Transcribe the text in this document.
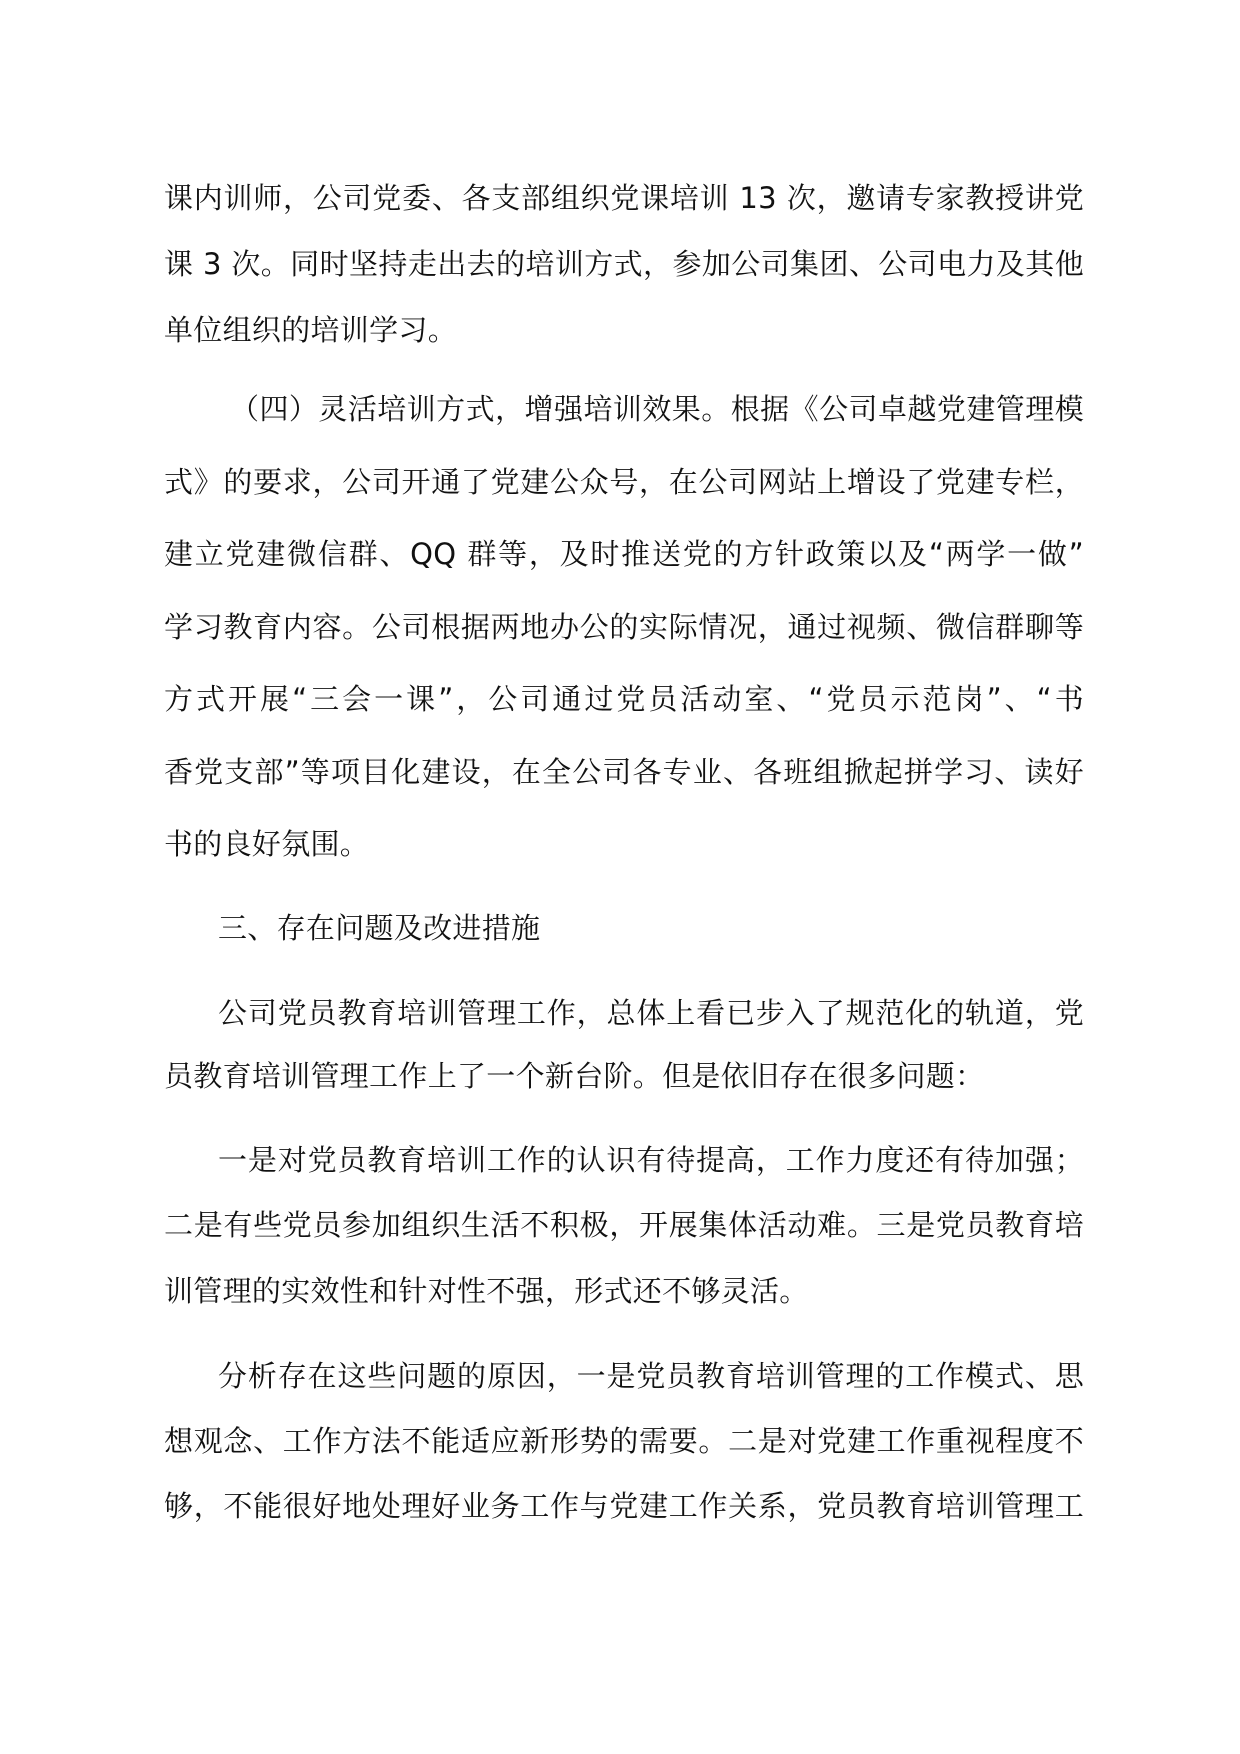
课内训师，公司党委、各支部组织党课培训 13 次，邀请专家教授讲党
课 3 次。同时坚持走出去的培训方式，参加公司集团、公司电力及其他
单位组织的培训学习。
（四）灵活培训方式，增强培训效果。根据《公司卓越党建管理模
式》的要求，公司开通了党建公众号，在公司网站上增设了党建专栏，
建立党建微信群、QQ 群等，及时推送党的方针政策以及“两学一做”
学习教育内容。公司根据两地办公的实际情况，通过视频、微信群聊等
方式开展“三会一课”，公司通过党员活动室、“党员示范岗”、“书
香党支部”等项目化建设，在全公司各专业、各班组掀起拼学习、读好
书的良好氛围。
三、存在问题及改进措施
公司党员教育培训管理工作，总体上看已步入了规范化的轨道，党
员教育培训管理工作上了一个新台阶。但是依旧存在很多问题：
一是对党员教育培训工作的认识有待提高，工作力度还有待加强；
二是有些党员参加组织生活不积极，开展集体活动难。三是党员教育培
训管理的实效性和针对性不强，形式还不够灵活。
分析存在这些问题的原因，一是党员教育培训管理的工作模式、思
想观念、工作方法不能适应新形势的需要。二是对党建工作重视程度不
够，不能很好地处理好业务工作与党建工作关系，党员教育培训管理工
